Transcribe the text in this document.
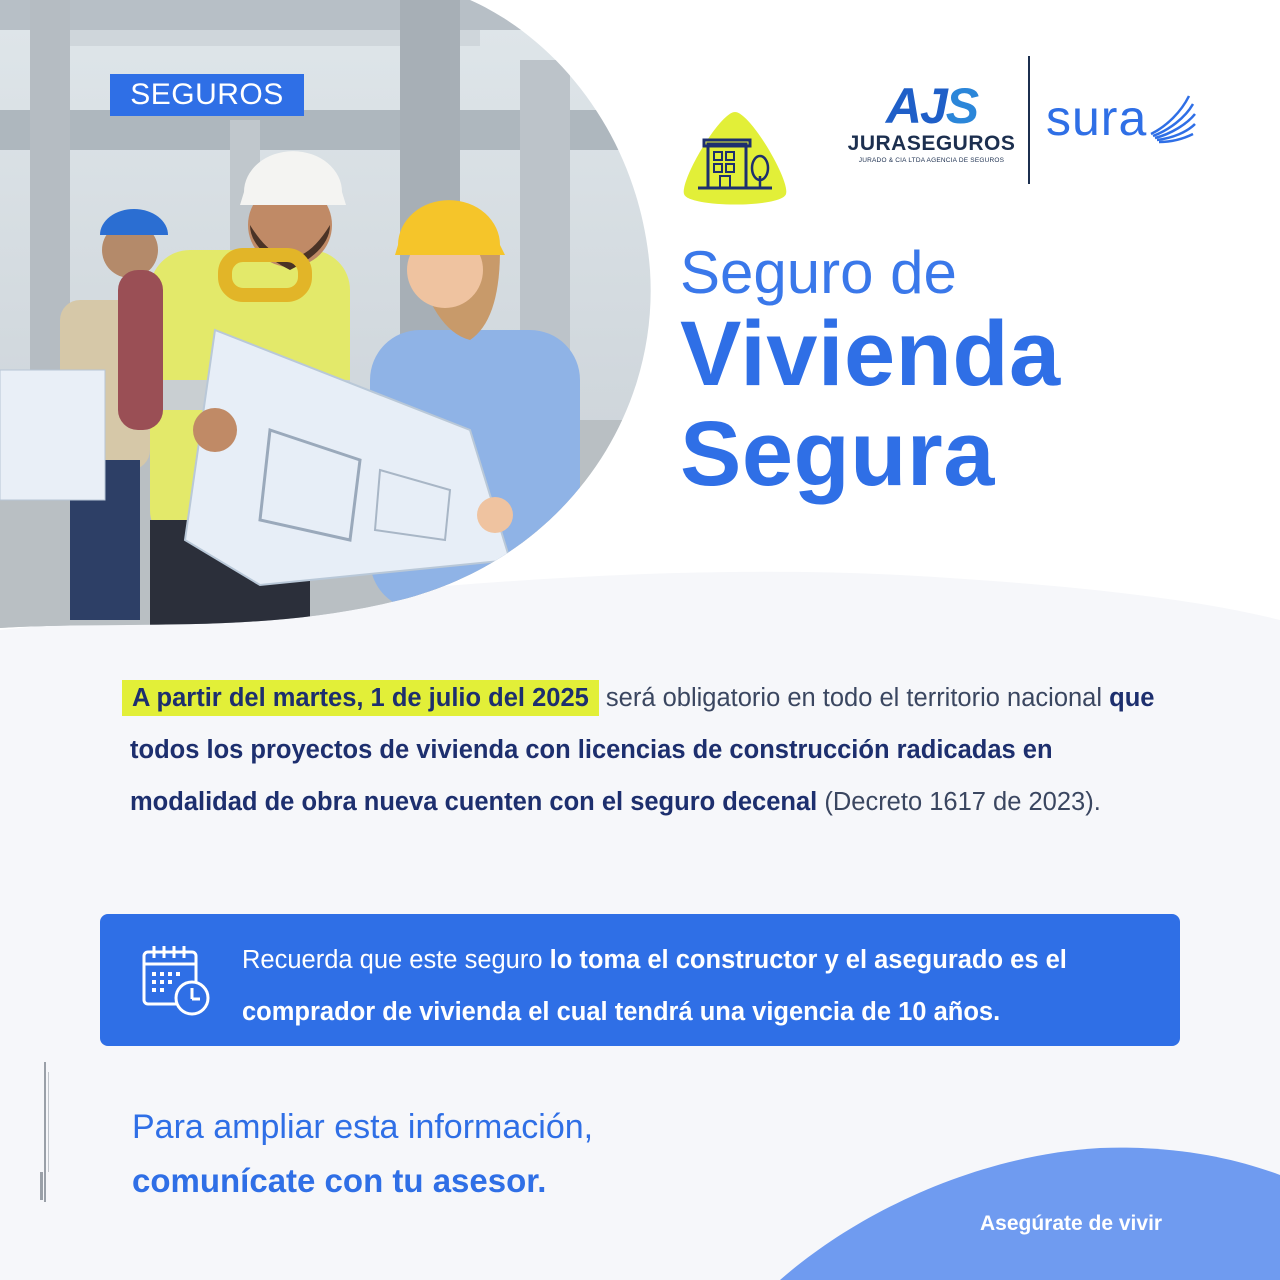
SEGUROS	AJS
JURASEGUROS
JURADO & CIA LTDA AGENCIA DE SEGUROS
sura
Seguro de
Vivienda
Segura
A partir del martes, 1 de julio del 2025 será obligatorio en todo el territorio nacional que todos los proyectos de vivienda con licencias de construcción radicadas en modalidad de obra nueva cuenten con el seguro decenal (Decreto 1617 de 2023).
Recuerda que este seguro lo toma el constructor y el asegurado es el comprador de vivienda el cual tendrá una vigencia de 10 años.
Para ampliar esta información,
comunícate con tu asesor.
Asegúrate de vivir
